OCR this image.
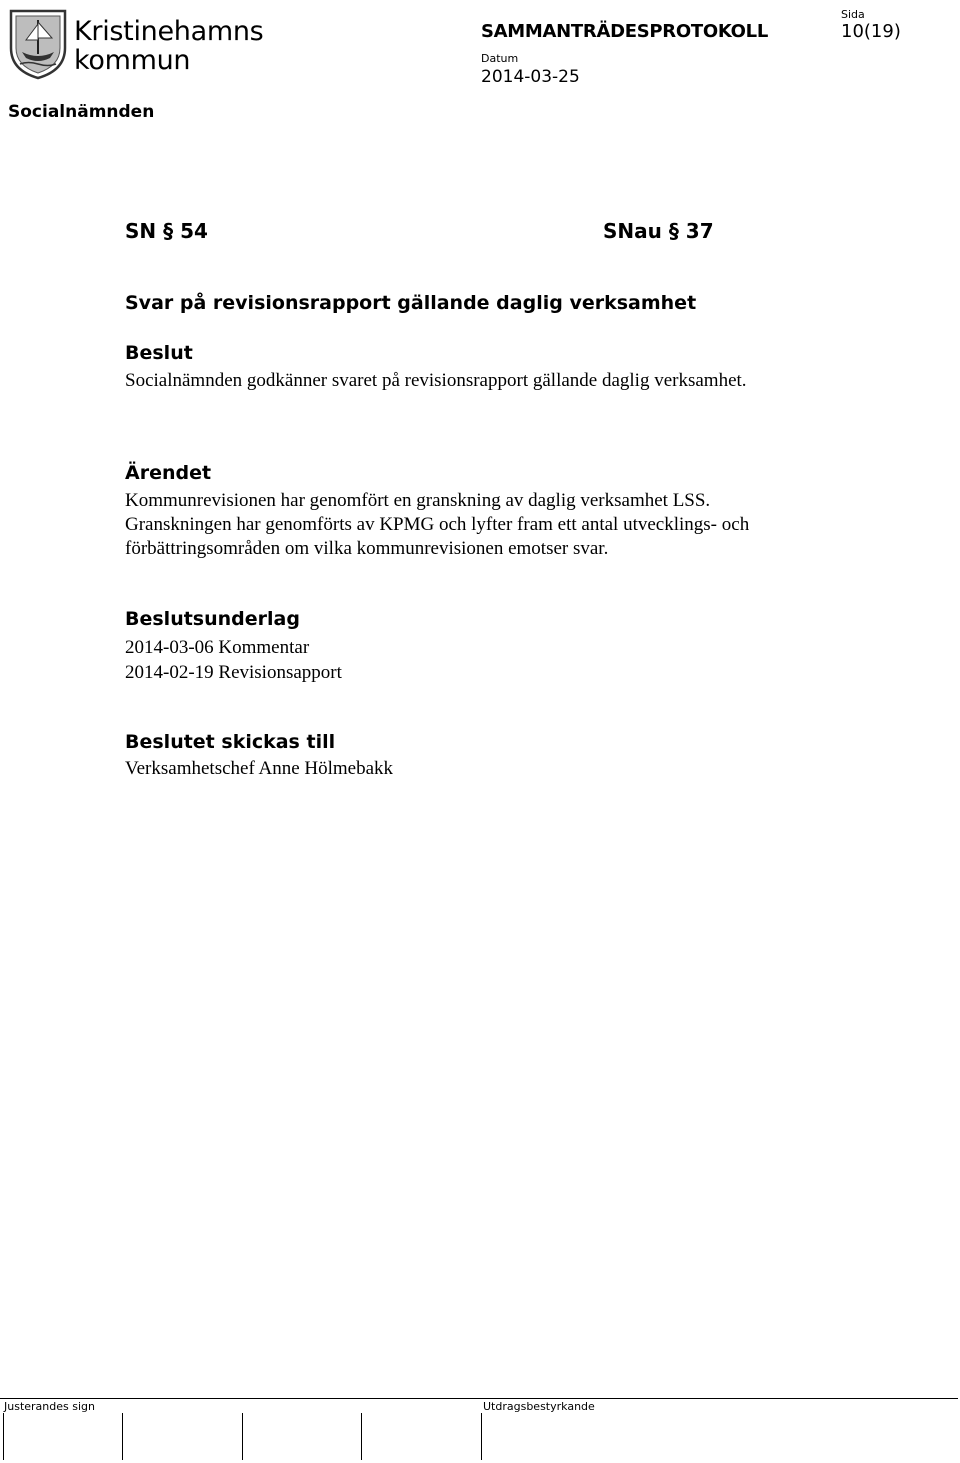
Kristinehamns
kommun
SAMMANTRÄDESPROTOKOLL
Datum
2014-03-25
Sida
10(19)
Socialnämnden
SN § 54	SNau § 37
Svar på revisionsrapport gällande daglig verksamhet
Beslut
Socialnämnden godkänner svaret på revisionsrapport gällande daglig verksamhet.
Ärendet
Kommunrevisionen har genomfört en granskning av daglig verksamhet LSS. Granskningen har genomförts av KPMG och lyfter fram ett antal utvecklings- och förbättringsområden om vilka kommunrevisionen emotser svar.
Beslutsunderlag
2014-03-06 Kommentar
2014-02-19 Revisionsapport
Beslutet skickas till
Verksamhetschef Anne Hölmebakk
Justerandes sign	Utdragsbestyrkande
